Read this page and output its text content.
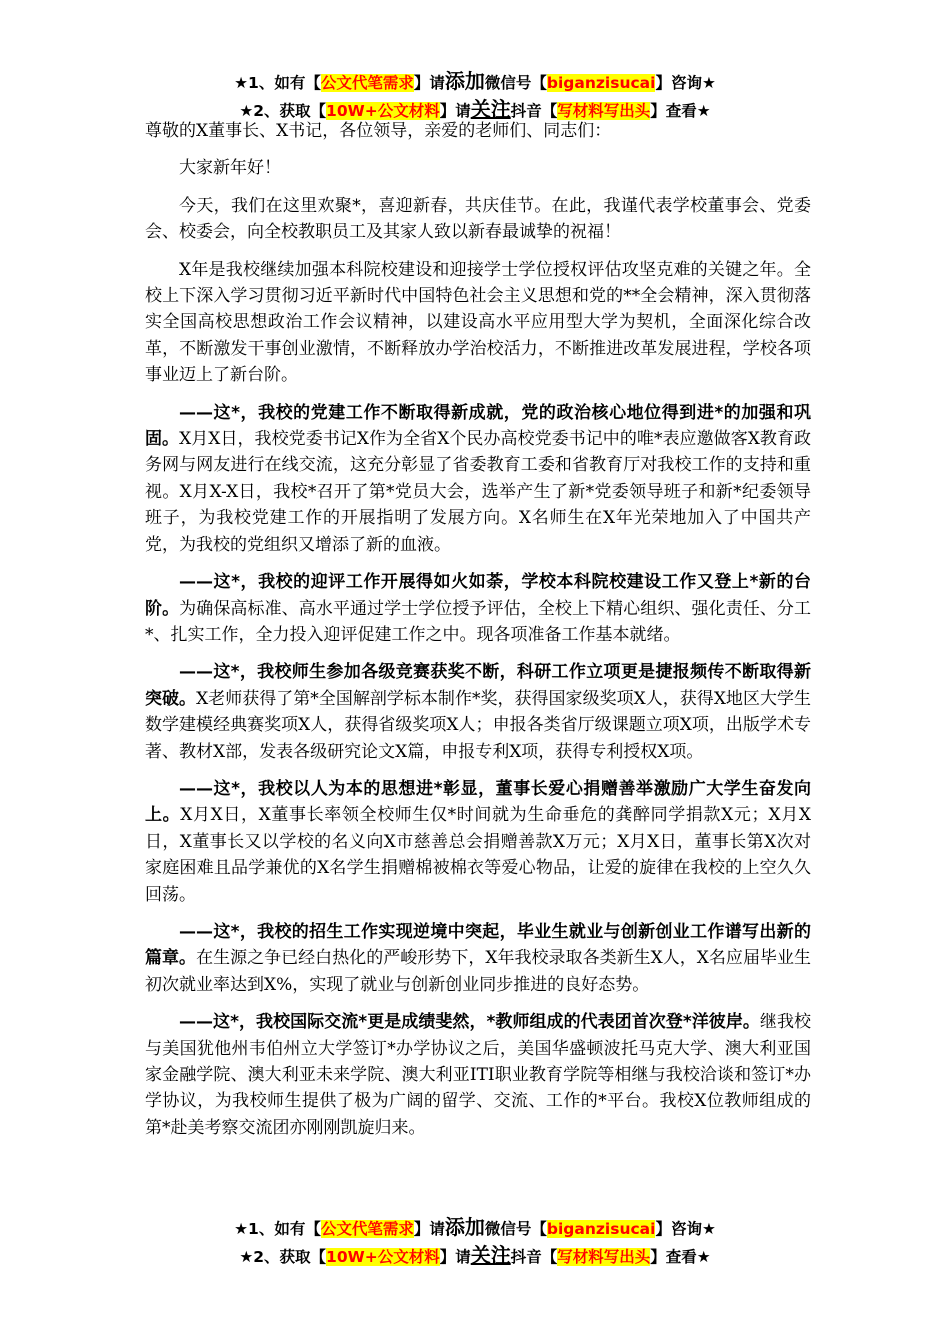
★1、如有【公文代笔需求】请添加微信号【biganzisucai】咨询★
★2、获取【10W+公文材料】请关注抖音【写材料写出头】查看★

尊敬的X董事长、X书记，各位领导，亲爱的老师们、同志们：

大家新年好！

今天，我们在这里欢聚*，喜迎新春，共庆佳节。在此，我谨代表学校董事会、党委会、校委会，向全校教职员工及其家人致以新春最诚挚的祝福！

X年是我校继续加强本科院校建设和迎接学士学位授权评估攻坚克难的关键之年。全校上下深入学习贯彻习近平新时代中国特色社会主义思想和党的**全会精神，深入贯彻落实全国高校思想政治工作会议精神，以建设高水平应用型大学为契机，全面深化综合改革，不断激发干事创业激情，不断释放办学治校活力，不断推进改革发展进程，学校各项事业迈上了新台阶。

——这*，我校的党建工作不断取得新成就，党的政治核心地位得到进*的加强和巩固。X月X日，我校党委书记X作为全省X个民办高校党委书记中的唯*表应邀做客X教育政务网与网友进行在线交流，这充分彰显了省委教育工委和省教育厅对我校工作的支持和重视。X月X-X日，我校*召开了第*党员大会，选举产生了新*党委领导班子和新*纪委领导班子，为我校党建工作的开展指明了发展方向。X名师生在X年光荣地加入了中国共产党，为我校的党组织又增添了新的血液。

——这*，我校的迎评工作开展得如火如荼，学校本科院校建设工作又登上*新的台阶。为确保高标准、高水平通过学士学位授予评估，全校上下精心组织、强化责任、分工*、扎实工作，全力投入迎评促建工作之中。现各项准备工作基本就绪。

——这*，我校师生参加各级竞赛获奖不断，科研工作立项更是捷报频传不断取得新突破。X老师获得了第*全国解剖学标本制作*奖，获得国家级奖项X人，获得X地区大学生数学建模经典赛奖项X人，获得省级奖项X人；申报各类省厅级课题立项X项，出版学术专著、教材X部，发表各级研究论文X篇，申报专利X项，获得专利授权X项。

——这*，我校以人为本的思想进*彰显，董事长爱心捐赠善举激励广大学生奋发向上。X月X日，X董事长率领全校师生仅*时间就为生命垂危的龚醉同学捐款X元；X月X日，X董事长又以学校的名义向X市慈善总会捐赠善款X万元；X月X日，董事长第X次对家庭困难且品学兼优的X名学生捐赠棉被棉衣等爱心物品，让爱的旋律在我校的上空久久回荡。

——这*，我校的招生工作实现逆境中突起，毕业生就业与创新创业工作谱写出新的篇章。在生源之争已经白热化的严峻形势下，X年我校录取各类新生X人，X名应届毕业生初次就业率达到X%，实现了就业与创新创业同步推进的良好态势。

——这*，我校国际交流*更是成绩斐然，*教师组成的代表团首次登*洋彼岸。继我校与美国犹他州韦伯州立大学签订*办学协议之后，美国华盛顿波托马克大学、澳大利亚国家金融学院、澳大利亚未来学院、澳大利亚ITI职业教育学院等相继与我校洽谈和签订*办学协议，为我校师生提供了极为广阔的留学、交流、工作的*平台。我校X位教师组成的第*赴美考察交流团亦刚刚凯旋归来。

★1、如有【公文代笔需求】请添加微信号【biganzisucai】咨询★
★2、获取【10W+公文材料】请关注抖音【写材料写出头】查看★
